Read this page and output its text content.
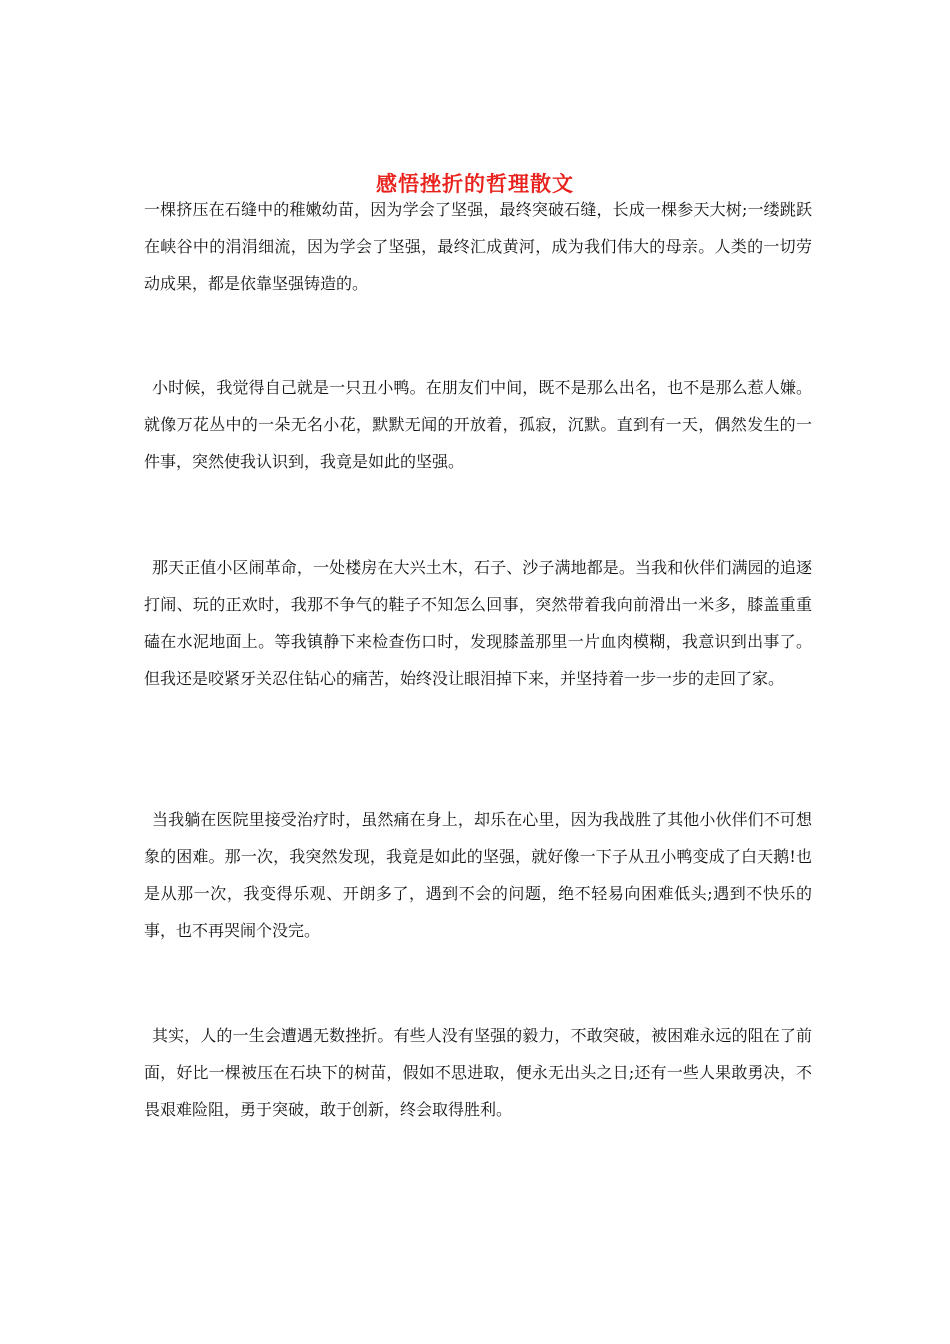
感悟挫折的哲理散文

一棵挤压在石缝中的稚嫩幼苗，因为学会了坚强，最终突破石缝，长成一棵参天大树;一缕跳跃在峡谷中的涓涓细流，因为学会了坚强，最终汇成黄河，成为我们伟大的母亲。人类的一切劳动成果，都是依靠坚强铸造的。

小时候，我觉得自己就是一只丑小鸭。在朋友们中间，既不是那么出名，也不是那么惹人嫌。就像万花丛中的一朵无名小花，默默无闻的开放着，孤寂，沉默。直到有一天，偶然发生的一件事，突然使我认识到，我竟是如此的坚强。

那天正值小区闹革命，一处楼房在大兴土木，石子、沙子满地都是。当我和伙伴们满园的追逐打闹、玩的正欢时，我那不争气的鞋子不知怎么回事，突然带着我向前滑出一米多，膝盖重重磕在水泥地面上。等我镇静下来检查伤口时，发现膝盖那里一片血肉模糊，我意识到出事了。但我还是咬紧牙关忍住钻心的痛苦，始终没让眼泪掉下来，并坚持着一步一步的走回了家。

当我躺在医院里接受治疗时，虽然痛在身上，却乐在心里，因为我战胜了其他小伙伴们不可想象的困难。那一次，我突然发现，我竟是如此的坚强，就好像一下子从丑小鸭变成了白天鹅!也是从那一次，我变得乐观、开朗多了，遇到不会的问题，绝不轻易向困难低头;遇到不快乐的事，也不再哭闹个没完。

其实，人的一生会遭遇无数挫折。有些人没有坚强的毅力，不敢突破，被困难永远的阻在了前面，好比一棵被压在石块下的树苗，假如不思进取，便永无出头之日;还有一些人果敢勇决，不畏艰难险阻，勇于突破，敢于创新，终会取得胜利。
